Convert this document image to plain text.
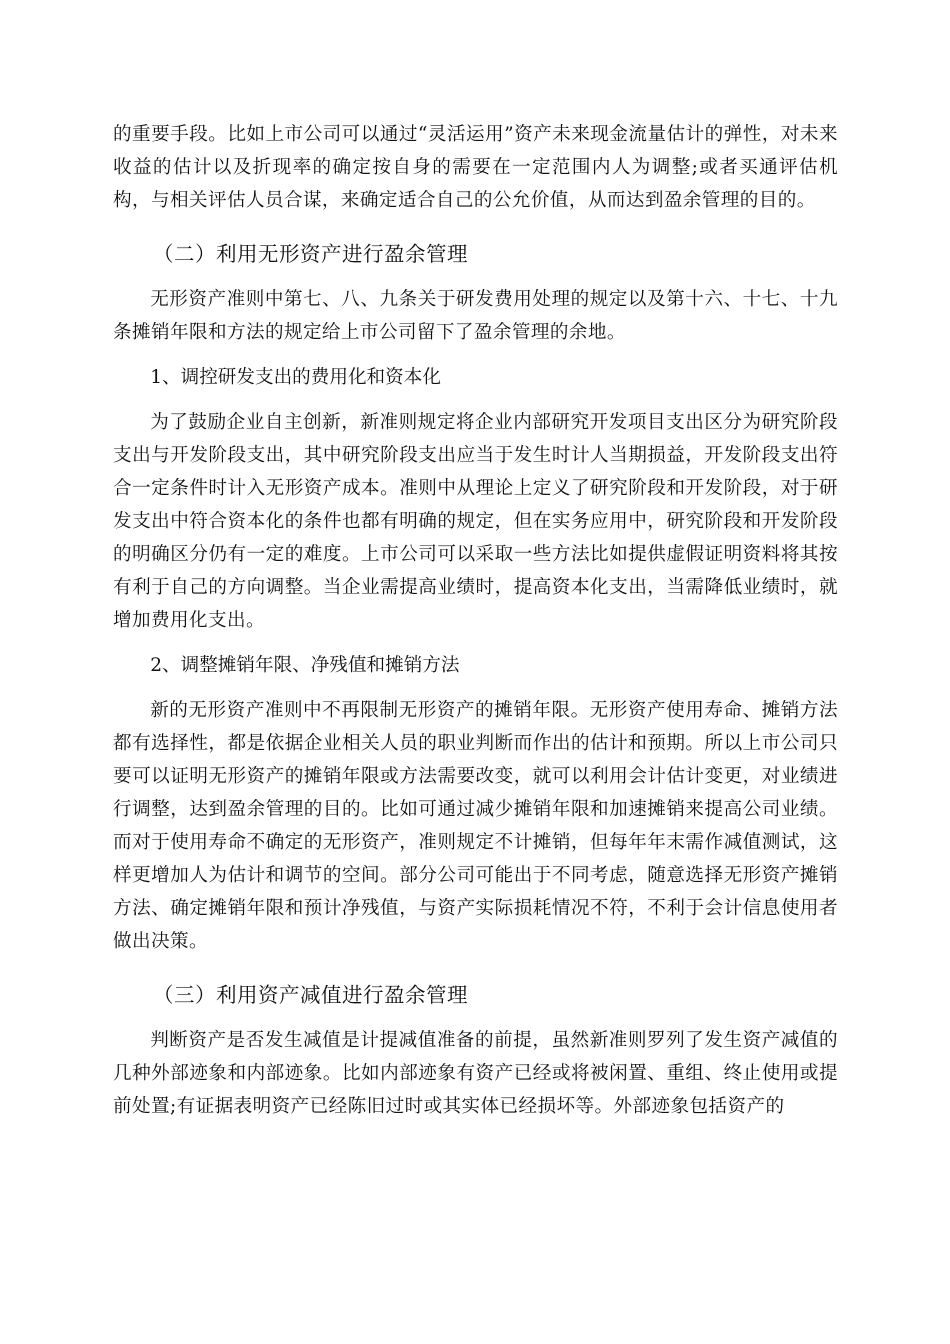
的重要手段。比如上市公司可以通过“灵活运用”资产未来现金流量估计的弹性，对未来收益的估计以及折现率的确定按自身的需要在一定范围内人为调整;或者买通评估机构，与相关评估人员合谋，来确定适合自己的公允价值，从而达到盈余管理的目的。

（二）利用无形资产进行盈余管理

无形资产准则中第七、八、九条关于研发费用处理的规定以及第十六、十七、十九条摊销年限和方法的规定给上市公司留下了盈余管理的余地。

1、调控研发支出的费用化和资本化

为了鼓励企业自主创新，新准则规定将企业内部研究开发项目支出区分为研究阶段支出与开发阶段支出，其中研究阶段支出应当于发生时计人当期损益，开发阶段支出符合一定条件时计入无形资产成本。准则中从理论上定义了研究阶段和开发阶段，对于研发支出中符合资本化的条件也都有明确的规定，但在实务应用中，研究阶段和开发阶段的明确区分仍有一定的难度。上市公司可以采取一些方法比如提供虚假证明资料将其按有利于自己的方向调整。当企业需提高业绩时，提高资本化支出，当需降低业绩时，就增加费用化支出。

2、调整摊销年限、净残值和摊销方法

新的无形资产准则中不再限制无形资产的摊销年限。无形资产使用寿命、摊销方法都有选择性，都是依据企业相关人员的职业判断而作出的估计和预期。所以上市公司只要可以证明无形资产的摊销年限或方法需要改变，就可以利用会计估计变更，对业绩进行调整，达到盈余管理的目的。比如可通过减少摊销年限和加速摊销来提高公司业绩。而对于使用寿命不确定的无形资产，准则规定不计摊销，但每年年末需作减值测试，这样更增加人为估计和调节的空间。部分公司可能出于不同考虑，随意选择无形资产摊销方法、确定摊销年限和预计净残值，与资产实际损耗情况不符，不利于会计信息使用者做出决策。

（三）利用资产减值进行盈余管理

判断资产是否发生减值是计提减值准备的前提，虽然新准则罗列了发生资产减值的几种外部迹象和内部迹象。比如内部迹象有资产已经或将被闲置、重组、终止使用或提前处置;有证据表明资产已经陈旧过时或其实体已经损坏等。外部迹象包括资产的
